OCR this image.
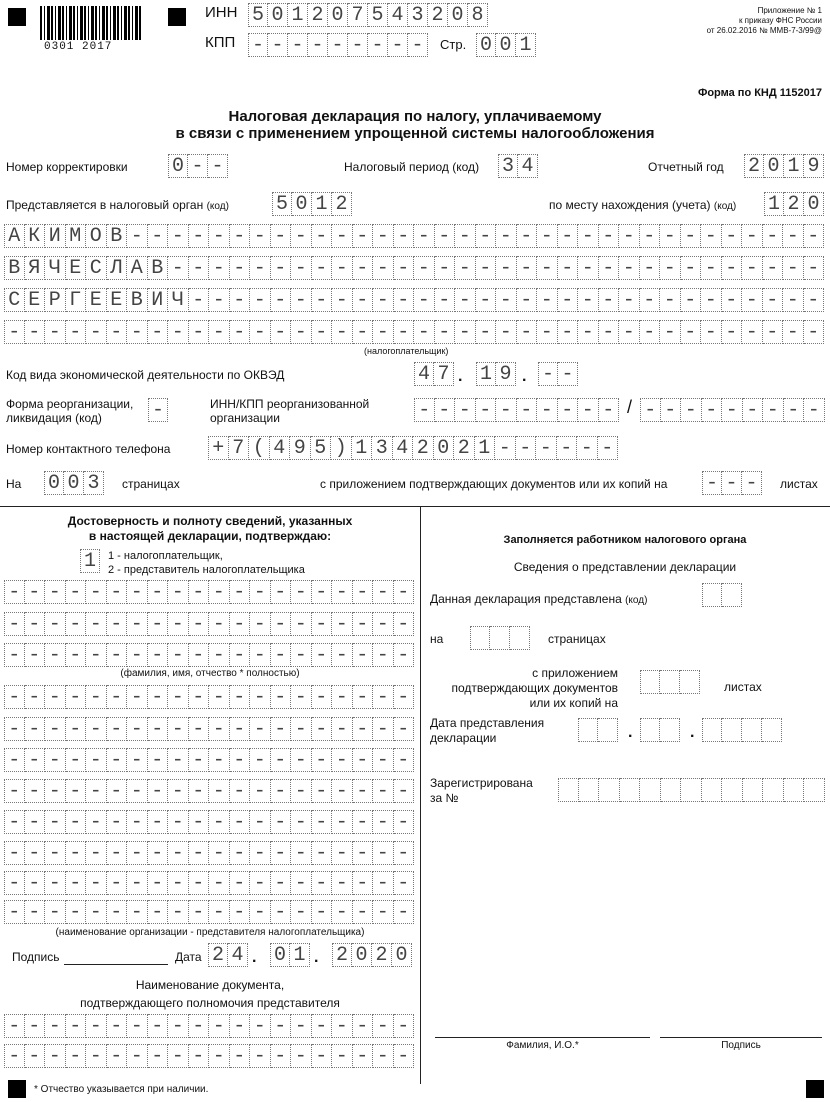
0301 2017
ИНН 5 0 1 2 0 7 5 4 3 2 0 8
КПП - - - - - - - - -	Стр. 0 0 1
Приложение № 1
к приказу ФНС России
от 26.02.2016 № ММВ-7-3/99@
Форма по КНД 1152017
Налоговая декларация по налогу, уплачиваемому
в связи с применением упрощенной системы налогообложения
Номер корректировки 0 - -	Налоговый период (код) 3 4	Отчетный год 2 0 1 9
Представляется в налоговый орган (код) 5 0 1 2	по месту нахождения (учета) (код) 1 2 0
А К И М О В - - - - - - - - - - - - - - - - - - - - - - - - - - - - - - - - - -
В Я Ч Е С Л А В - - - - - - - - - - - - - - - - - - - - - - - - - - - - - - - -
С Е Р Г Е Е В И Ч - - - - - - - - - - - - - - - - - - - - - - - - - - - - - - -
- - - - - - - - - - - - - - - - - - - - - - - - - - - - - - - - - - - - - - - -
(налогоплательщик)
Код вида экономической деятельности по ОКВЭД	4 7 . 1 9 . - -
Форма реорганизации,
ликвидация (код)	-	ИНН/КПП реорганизованной
организации	- - - - - - - - - - / - - - - - - - - -
Номер контактного телефона + 7 ( 4 9 5 ) 1 3 4 2 0 2 1 - - - - - -
На 0 0 3	страницах	с приложением подтверждающих документов или их копий на - - -	листах
Достоверность и полноту сведений, указанных
в настоящей декларации, подтверждаю:
1	1 - налогоплательщик,
2 - представитель налогоплательщика
- - - - - - - - - - - - - - - - - - - -
- - - - - - - - - - - - - - - - - - - -
- - - - - - - - - - - - - - - - - - - -
(фамилия, имя, отчество * полностью)
- - - - - - - - - - - - - - - - - - - -
- - - - - - - - - - - - - - - - - - - -
- - - - - - - - - - - - - - - - - - - -
- - - - - - - - - - - - - - - - - - - -
- - - - - - - - - - - - - - - - - - - -
- - - - - - - - - - - - - - - - - - - -
- - - - - - - - - - - - - - - - - - - -
- - - - - - - - - - - - - - - - - - - -
(наименование организации - представителя налогоплательщика)
Подпись	Дата 2 4 . 0 1 . 2 0 2 0
Наименование документа,
подтверждающего полномочия представителя
- - - - - - - - - - - - - - - - - - - -
- - - - - - - - - - - - - - - - - - - -
* Отчество указывается при наличии.
Заполняется работником налогового органа
Сведения о представлении декларации
Данная декларация представлена (код)
на	страницах
с приложением
подтверждающих документов
или их копий на
листах
Дата представления
декларации	.	.
Зарегистрирована
за №
Фамилия, И.О.*	Подпись
